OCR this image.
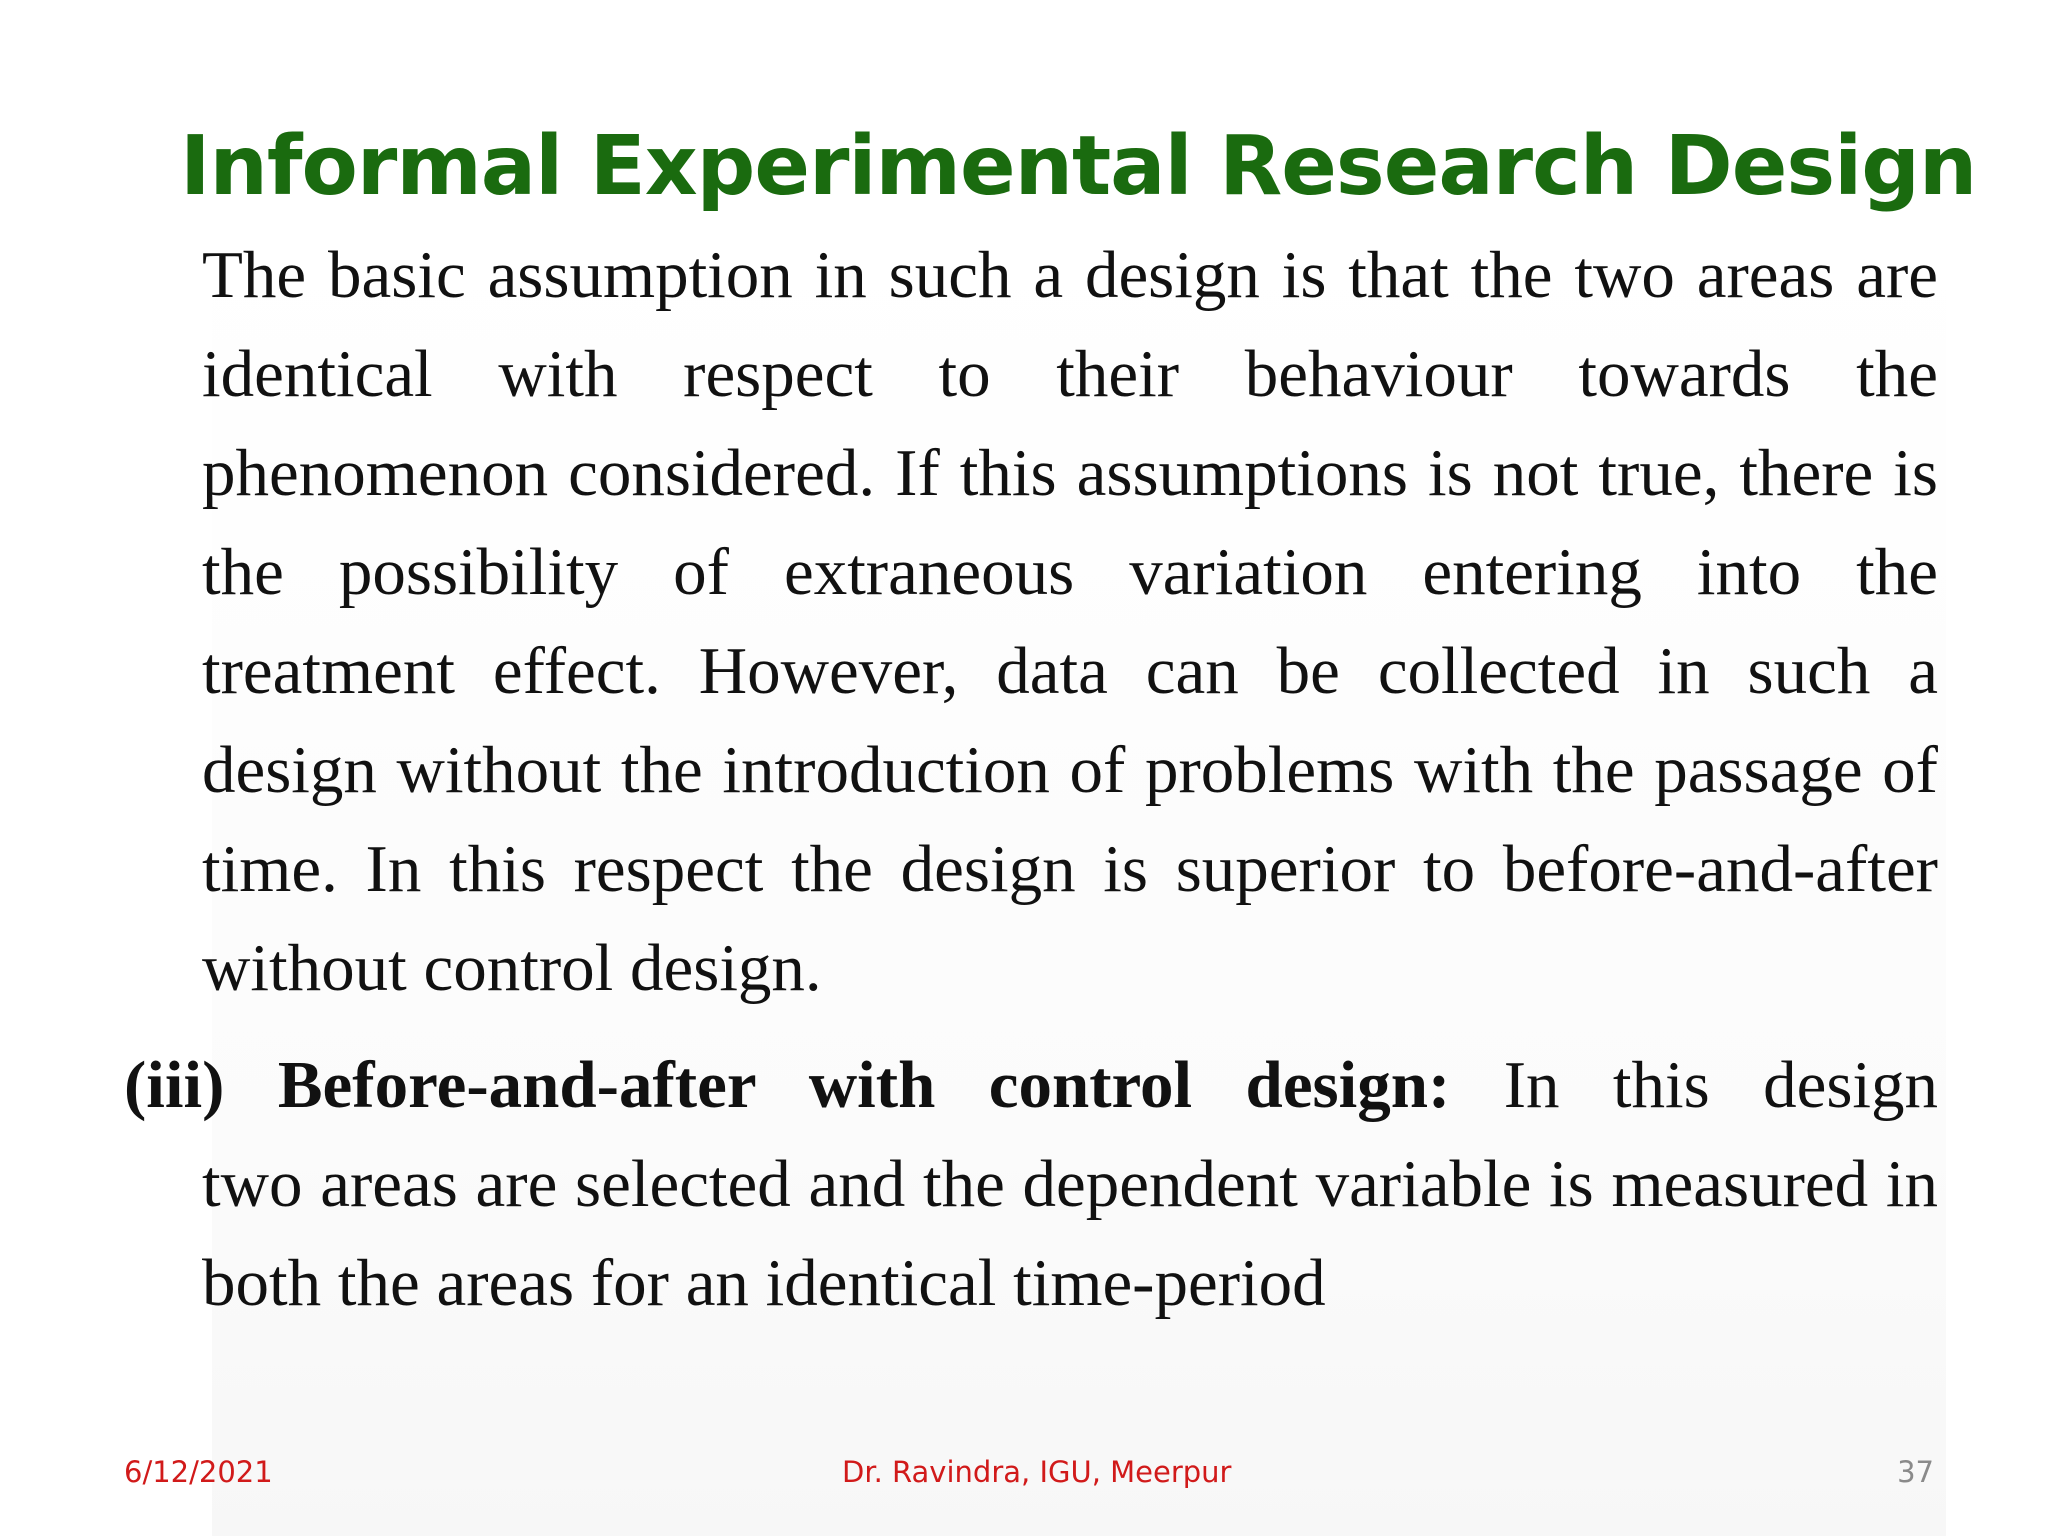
Informal Experimental Research Design

The basic assumption in such a design is that the two areas are identical with respect to their behaviour towards the phenomenon considered. If this assumptions is not true, there is the possibility of extraneous variation entering into the treatment effect. However, data can be collected in such a design without the introduction of problems with the passage of time. In this respect the design is superior to before-and-after without control design.

(iii) Before-and-after with control design: In this design

two areas are selected and the dependent variable is measured in both the areas for an identical time-period

6/12/2021	Dr. Ravindra, IGU, Meerpur	37
